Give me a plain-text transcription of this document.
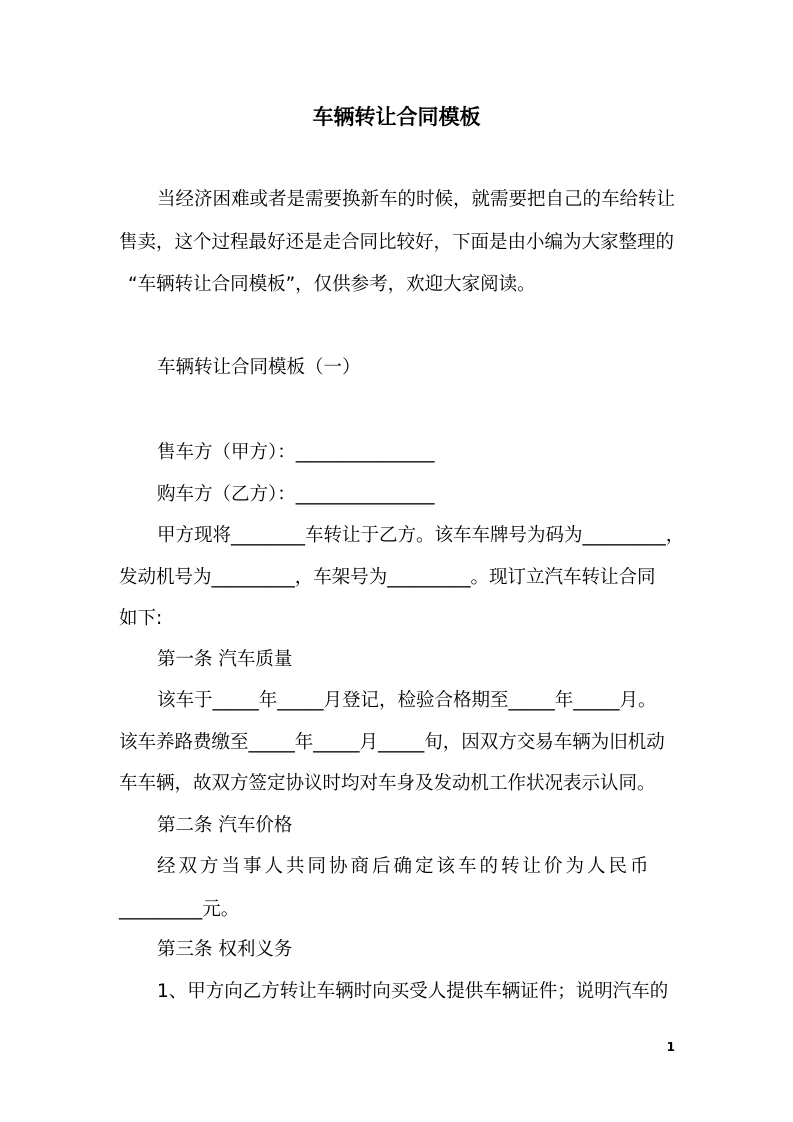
车辆转让合同模板
当经济困难或者是需要换新车的时候，就需要把自己的车给转让
售卖，这个过程最好还是走合同比较好，下面是由小编为大家整理的
“车辆转让合同模板”，仅供参考，欢迎大家阅读。
车辆转让合同模板（一）
售车方（甲方）：_______________
购车方（乙方）：_______________
甲方现将________车转让于乙方。该车车牌号为码为_________，
发动机号为_________，车架号为_________。现订立汽车转让合同
如下:
第一条 汽车质量
该车于_____年_____月登记，检验合格期至_____年_____月。
该车养路费缴至_____年_____月_____旬，因双方交易车辆为旧机动
车车辆，故双方签定协议时均对车身及发动机工作状况表示认同。
第二条 汽车价格
经双方当事人共同协商后确定该车的转让价为人民币
_________元。
第三条 权利义务
1、甲方向乙方转让车辆时向买受人提供车辆证件；说明汽车的
1
